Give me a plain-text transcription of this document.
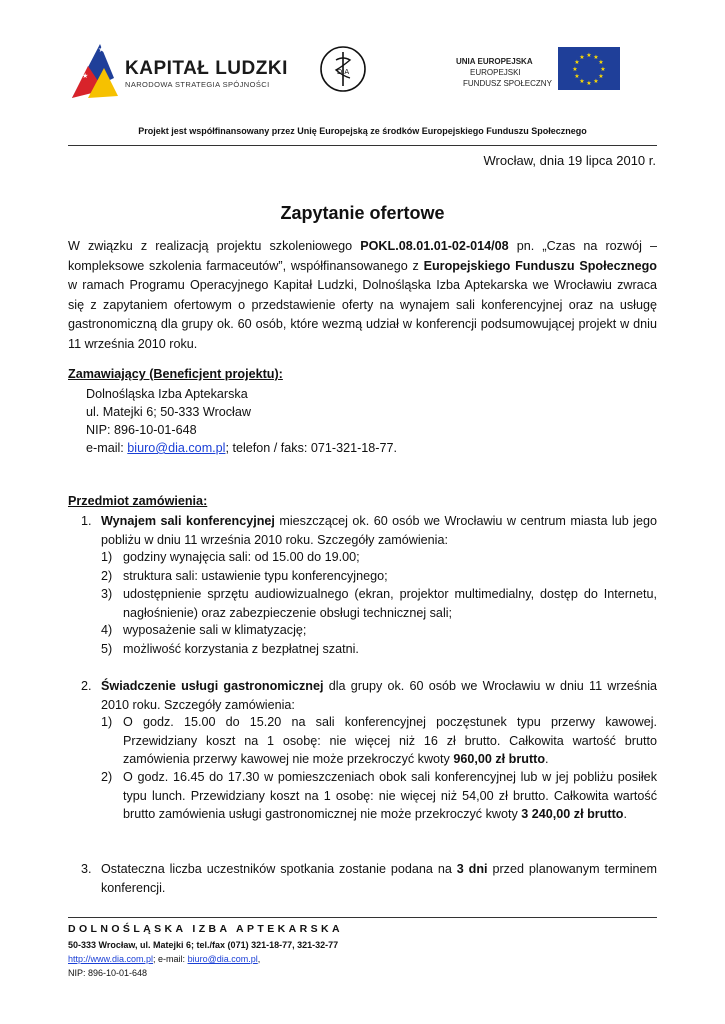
★
★ KAPITAŁ LUDZKI
NARODOWA STRATEGIA SPÓJNOŚCI
DIA
UNIA EUROPEJSKA
EUROPEJSKI
FUNDUSZ SPOŁECZNY
★ ★
★
★
★
★
★
★
★
★
★
★
Projekt jest współfinansowany przez Unię Europejską ze środków Europejskiego Funduszu Społecznego
Wrocław, dnia 19 lipca 2010 r.
Zapytanie ofertowe

W związku z realizacją projektu szkoleniowego POKL.08.01.01-02-014/08 pn. „Czas na rozwój – kompleksowe szkolenia farmaceutów”, współfinansowanego z Europejskiego Funduszu Społecznego w ramach Programu Operacyjnego Kapitał Ludzki, Dolnośląska Izba Aptekarska we Wrocławiu zwraca się z zapytaniem ofertowym o przedstawienie oferty na wynajem sali konferencyjnej oraz na usługę gastronomiczną dla grupy ok. 60 osób, które wezmą udział w konferencji podsumowującej projekt w dniu 11 września 2010 roku.

Zamawiający (Beneficjent projektu):
Dolnośląska Izba Aptekarska
ul. Matejki 6; 50-333 Wrocław
NIP: 896-10-01-648
e-mail: biuro@dia.com.pl; telefon / faks: 071-321-18-77.
Przedmiot zamówienia:
1. Wynajem sali konferencyjnej mieszczącej ok. 60 osób we Wrocławiu w centrum miasta lub jego pobliżu w dniu 11 września 2010 roku. Szczegóły zamówienia:
1) godziny wynajęcia sali: od 15.00 do 19.00;
2) struktura sali: ustawienie typu konferencyjnego;
3) udostępnienie sprzętu audiowizualnego (ekran, projektor multimedialny, dostęp do Internetu, nagłośnienie) oraz zabezpieczenie obsługi technicznej sali;
4) wyposażenie sali w klimatyzację;
5) możliwość korzystania z bezpłatnej szatni.
2. Świadczenie usługi gastronomicznej dla grupy ok. 60 osób we Wrocławiu w dniu 11 września 2010 roku. Szczegóły zamówienia:
1) O godz. 15.00 do 15.20 na sali konferencyjnej poczęstunek typu przerwy kawowej. Przewidziany koszt na 1 osobę: nie więcej niż 16 zł brutto. Całkowita wartość brutto zamówienia przerwy kawowej nie może przekroczyć kwoty 960,00 zł brutto.
2) O godz. 16.45 do 17.30 w pomieszczeniach obok sali konferencyjnej lub w jej pobliżu posiłek typu lunch. Przewidziany koszt na 1 osobę: nie więcej niż 54,00 zł brutto. Całkowita wartość brutto zamówienia usługi gastronomicznej nie może przekroczyć kwoty 3 240,00 zł brutto.
3. Ostateczna liczba uczestników spotkania zostanie podana na 3 dni przed planowanym terminem konferencji.
DOLNOŚLĄSKA IZBA APTEKARSKA
50-333 Wrocław, ul. Matejki 6; tel./fax (071) 321-18-77, 321-32-77
http://www.dia.com.pl; e-mail: biuro@dia.com.pl,
NIP: 896-10-01-648
